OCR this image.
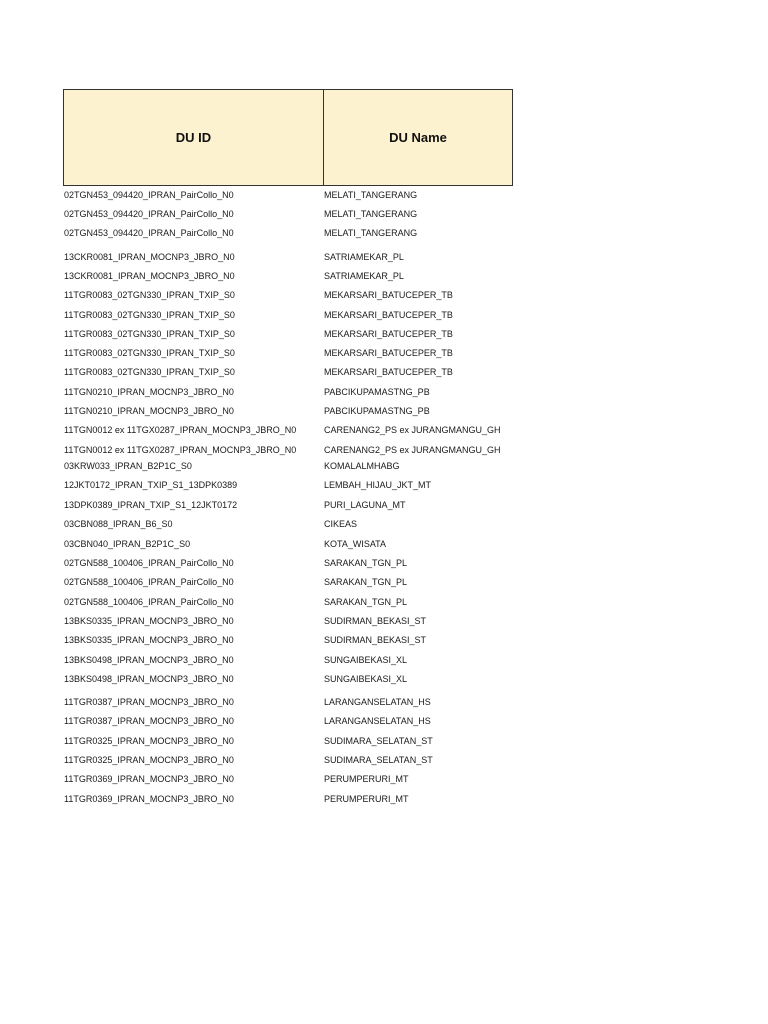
DU ID	DU Name
02TGN453_094420_IPRAN_PairCollo_N0	MELATI_TANGERANG
02TGN453_094420_IPRAN_PairCollo_N0	MELATI_TANGERANG
02TGN453_094420_IPRAN_PairCollo_N0	MELATI_TANGERANG
13CKR0081_IPRAN_MOCNP3_JBRO_N0	SATRIAMEKAR_PL
13CKR0081_IPRAN_MOCNP3_JBRO_N0	SATRIAMEKAR_PL
11TGR0083_02TGN330_IPRAN_TXIP_S0	MEKARSARI_BATUCEPER_TB
11TGR0083_02TGN330_IPRAN_TXIP_S0	MEKARSARI_BATUCEPER_TB
11TGR0083_02TGN330_IPRAN_TXIP_S0	MEKARSARI_BATUCEPER_TB
11TGR0083_02TGN330_IPRAN_TXIP_S0	MEKARSARI_BATUCEPER_TB
11TGR0083_02TGN330_IPRAN_TXIP_S0	MEKARSARI_BATUCEPER_TB
11TGN0210_IPRAN_MOCNP3_JBRO_N0	PABCIKUPAMASTNG_PB
11TGN0210_IPRAN_MOCNP3_JBRO_N0	PABCIKUPAMASTNG_PB
11TGN0012 ex 11TGX0287_IPRAN_MOCNP3_JBRO_N0	CARENANG2_PS ex JURANGMANGU_GH
11TGN0012 ex 11TGX0287_IPRAN_MOCNP3_JBRO_N0	CARENANG2_PS ex JURANGMANGU_GH
03KRW033_IPRAN_B2P1C_S0	KOMALALMHABG
12JKT0172_IPRAN_TXIP_S1_13DPK0389	LEMBAH_HIJAU_JKT_MT
13DPK0389_IPRAN_TXIP_S1_12JKT0172	PURI_LAGUNA_MT
03CBN088_IPRAN_B6_S0	CIKEAS
03CBN040_IPRAN_B2P1C_S0	KOTA_WISATA
02TGN588_100406_IPRAN_PairCollo_N0	SARAKAN_TGN_PL
02TGN588_100406_IPRAN_PairCollo_N0	SARAKAN_TGN_PL
02TGN588_100406_IPRAN_PairCollo_N0	SARAKAN_TGN_PL
13BKS0335_IPRAN_MOCNP3_JBRO_N0	SUDIRMAN_BEKASI_ST
13BKS0335_IPRAN_MOCNP3_JBRO_N0	SUDIRMAN_BEKASI_ST
13BKS0498_IPRAN_MOCNP3_JBRO_N0	SUNGAIBEKASI_XL
13BKS0498_IPRAN_MOCNP3_JBRO_N0	SUNGAIBEKASI_XL
11TGR0387_IPRAN_MOCNP3_JBRO_N0	LARANGANSELATAN_HS
11TGR0387_IPRAN_MOCNP3_JBRO_N0	LARANGANSELATAN_HS
11TGR0325_IPRAN_MOCNP3_JBRO_N0	SUDIMARA_SELATAN_ST
11TGR0325_IPRAN_MOCNP3_JBRO_N0	SUDIMARA_SELATAN_ST
11TGR0369_IPRAN_MOCNP3_JBRO_N0	PERUMPERURI_MT
11TGR0369_IPRAN_MOCNP3_JBRO_N0	PERUMPERURI_MT
